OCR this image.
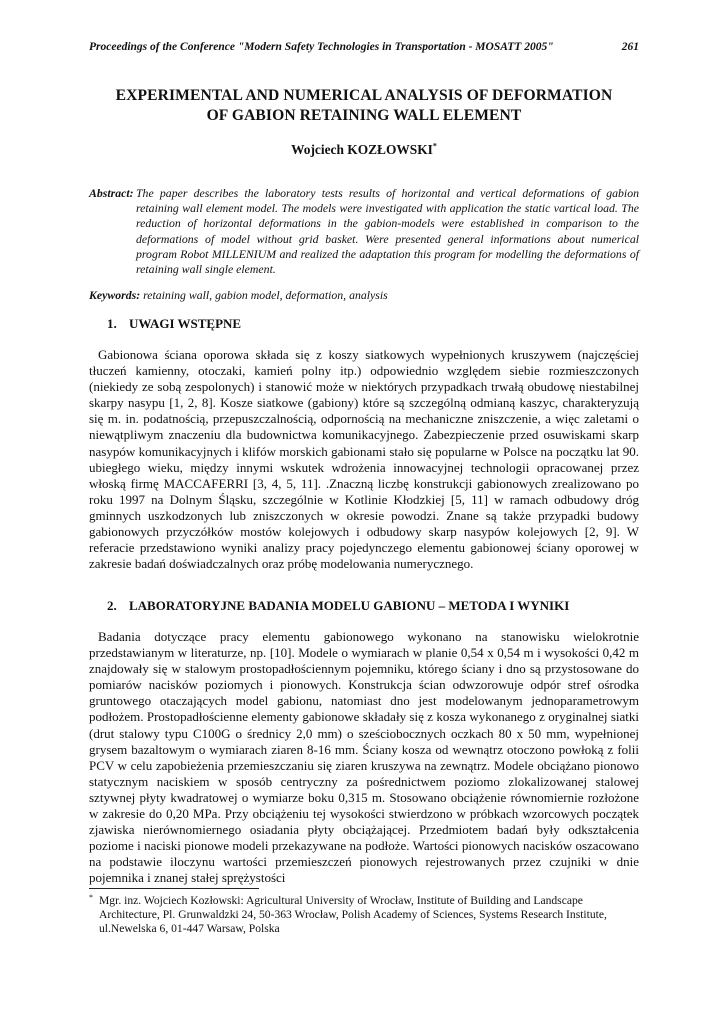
Proceedings of the Conference "Modern Safety Technologies in Transportation - MOSATT 2005"	261
EXPERIMENTAL AND NUMERICAL ANALYSIS OF DEFORMATION
OF GABION RETAINING WALL ELEMENT
Wojciech KOZŁOWSKI*
Abstract: The paper describes the laboratory tests results of horizontal and vertical deformations of gabion retaining wall element model. The models were investigated with application the static vartical load. The reduction of horizontal deformations in the gabion-models were established in comparison to the deformations of model without grid basket. Were presented general informations about numerical program Robot MILLENIUM and realized the adaptation this program for modelling the deformations of retaining wall single element.
Keywords: retaining wall, gabion model, deformation, analysis
1. UWAGI WSTĘPNE

Gabionowa ściana oporowa składa się z koszy siatkowych wypełnionych kruszywem (najczęściej tłuczeń kamienny, otoczaki, kamień polny itp.) odpowiednio względem siebie rozmieszczonych (niekiedy ze sobą zespolonych) i stanowić może w niektórych przypadkach trwałą obudowę niestabilnej skarpy nasypu [1, 2, 8]. Kosze siatkowe (gabiony) które są szczególną odmianą kaszyc, charakteryzują się m. in. podatnością, przepuszczalnością, odpornością na mechaniczne zniszczenie, a więc zaletami o niewątpliwym znaczeniu dla budownictwa komunikacyjnego. Zabezpieczenie przed osuwiskami skarp nasypów komunikacyjnych i klifów morskich gabionami stało się popularne w Polsce na początku lat 90. ubiegłego wieku, między innymi wskutek wdrożenia innowacyjnej technologii opracowanej przez włoską firmę MACCAFERRI [3, 4, 5, 11]. .Znaczną liczbę konstrukcji gabionowych zrealizowano po roku 1997 na Dolnym Śląsku, szczególnie w Kotlinie Kłodzkiej [5, 11] w ramach odbudowy dróg gminnych uszkodzonych lub zniszczonych w okresie powodzi. Znane są także przypadki budowy gabionowych przyczółków mostów kolejowych i odbudowy skarp nasypów kolejowych [2, 9]. W referacie przedstawiono wyniki analizy pracy pojedynczego elementu gabionowej ściany oporowej w zakresie badań doświadczalnych oraz próbę modelowania numerycznego.

2. LABORATORYJNE BADANIA MODELU GABIONU – METODA I WYNIKI

Badania dotyczące pracy elementu gabionowego wykonano na stanowisku wielokrotnie przedstawianym w literaturze, np. [10]. Modele o wymiarach w planie 0,54 x 0,54 m i wysokości 0,42 m znajdowały się w stalowym prostopadłościennym pojemniku, którego ściany i dno są przystosowane do pomiarów nacisków poziomych i pionowych. Konstrukcja ścian odwzorowuje odpór stref ośrodka gruntowego otaczających model gabionu, natomiast dno jest modelowanym jednoparametrowym podłożem. Prostopadłościenne elementy gabionowe składały się z kosza wykonanego z oryginalnej siatki (drut stalowy typu C100G o średnicy 2,0 mm) o sześciobocznych oczkach 80 x 50 mm, wypełnionej grysem bazaltowym o wymiarach ziaren 8-16 mm. Ściany kosza od wewnątrz otoczono powłoką z folii PCV w celu zapobieżenia przemieszczaniu się ziaren kruszywa na zewnątrz. Modele obciążano pionowo statycznym naciskiem w sposób centryczny za pośrednictwem poziomo zlokalizowanej stalowej sztywnej płyty kwadratowej o wymiarze boku 0,315 m. Stosowano obciążenie równomiernie rozłożone w zakresie do 0,20 MPa. Przy obciążeniu tej wysokości stwierdzono w próbkach wzorcowych początek zjawiska nierównomiernego osiadania płyty obciążającej. Przedmiotem badań były odkształcenia poziome i naciski pionowe modeli przekazywane na podłoże. Wartości pionowych nacisków oszacowano na podstawie iloczynu wartości przemieszczeń pionowych rejestrowanych przez czujniki w dnie pojemnika i znanej stałej sprężystości

* Mgr. inz. Wojciech Kozłowski: Agricultural University of Wrocław, Institute of Building and Landscape Architecture, Pl. Grunwaldzki 24, 50-363 Wrocław, Polish Academy of Sciences, Systems Research Institute, ul.Newelska 6, 01-447 Warsaw, Polska
